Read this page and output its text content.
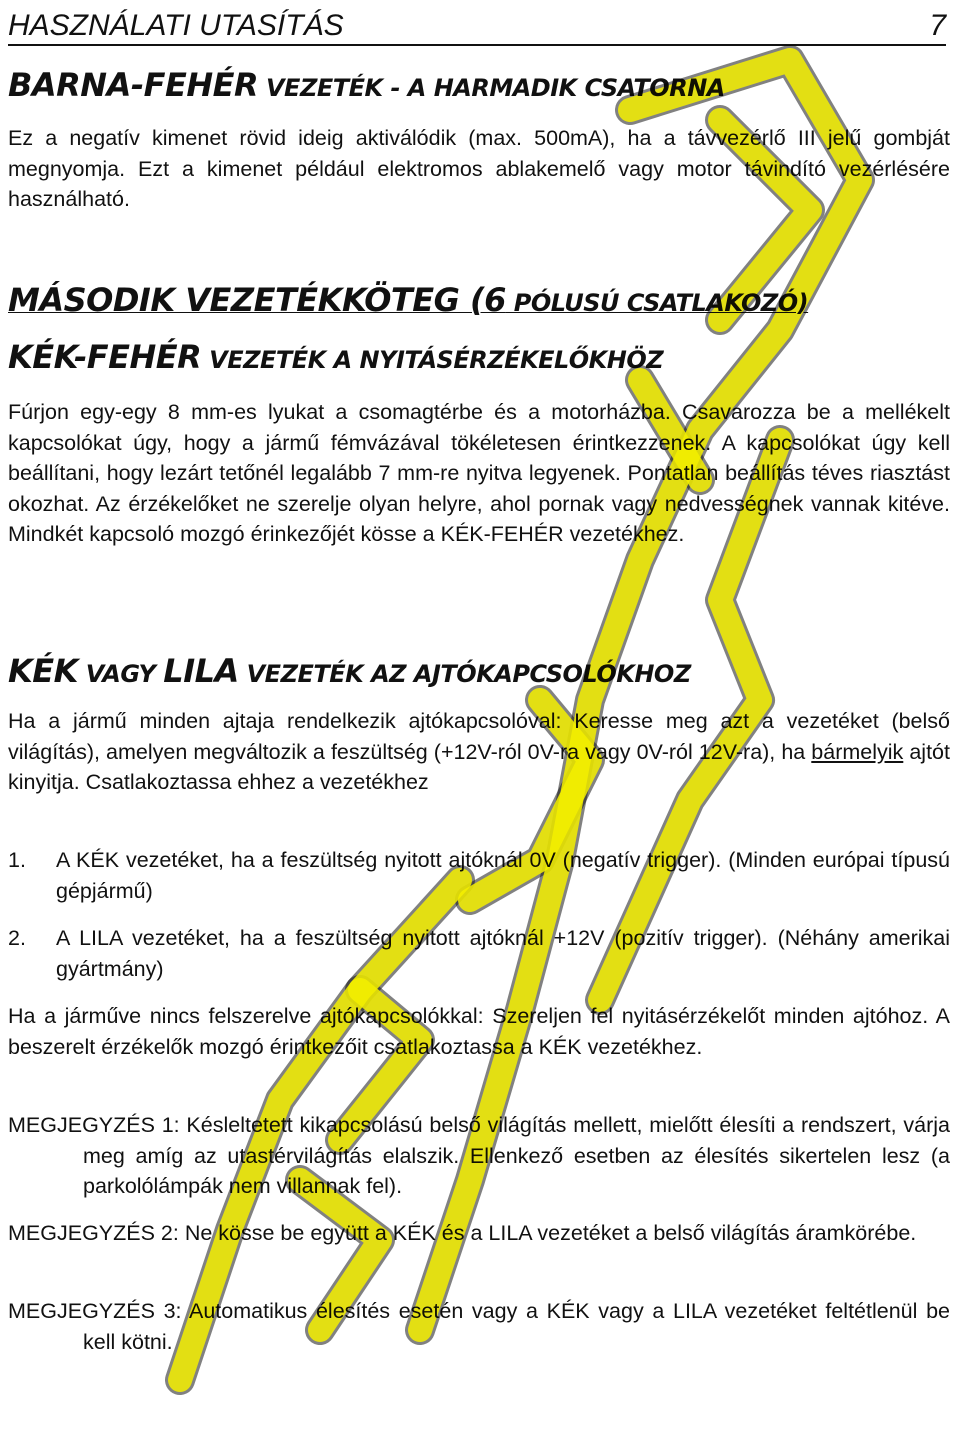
HASZNÁLATI UTASÍTÁS	7
BARNA-FEHÉR VEZETÉK - A HARMADIK CSATORNA
Ez a negatív kimenet rövid ideig aktiválódik (max. 500mA), ha a távvezérlő III jelű gombját megnyomja. Ezt a kimenet például elektromos ablakemelő vagy motor távindító vezérlésére használható.
MÁSODIK VEZETÉKKÖTEG (6 PÓLUSÚ CSATLAKOZÓ)
KÉK-FEHÉR VEZETÉK A NYITÁSÉRZÉKELŐKHÖZ
Fúrjon egy-egy 8 mm-es lyukat a csomagtérbe és a motorházba. Csavarozza be a mellékelt kapcsolókat úgy, hogy a jármű fémvázával tökéletesen érintkezzenek. A kapcsolókat úgy kell beállítani, hogy lezárt tetőnél legalább 7 mm-re nyitva legyenek. Pontatlan beállítás téves riasztást okozhat. Az érzékelőket ne szerelje olyan helyre, ahol pornak vagy nedvességnek vannak kitéve. Mindkét kapcsoló mozgó érinkezőjét kösse a KÉK-FEHÉR vezetékhez.
KÉK VAGY LILA VEZETÉK AZ AJTÓKAPCSOLÓKHOZ
Ha a jármű minden ajtaja rendelkezik ajtókapcsolóval: Keresse meg azt a vezetéket (belső világítás), amelyen megváltozik a feszültség (+12V-ról 0V-ra vagy 0V-ról 12V-ra), ha bármelyik ajtót kinyitja. Csatlakoztassa ehhez a vezetékhez
1. A KÉK vezetéket, ha a feszültség nyitott ajtóknál 0V (negatív trigger). (Minden európai típusú gépjármű)
2. A LILA vezetéket, ha a feszültség nyitott ajtóknál +12V (pozitív trigger). (Néhány amerikai gyártmány)
Ha a járműve nincs felszerelve ajtókapcsolókkal: Szereljen fel nyitásérzékelőt minden ajtóhoz. A beszerelt érzékelők mozgó érintkezőit csatlakoztassa a KÉK vezetékhez.
MEGJEGYZÉS 1: Késleltetett kikapcsolású belső világítás mellett, mielőtt élesíti a rendszert, várja meg amíg az utastérvilágítás elalszik. Ellenkező esetben az élesítés sikertelen lesz (a parkolólámpák nem villannak fel).
MEGJEGYZÉS 2: Ne kösse be együtt a KÉK és a LILA vezetéket a belső világítás áramkörébe.
MEGJEGYZÉS 3: Automatikus élesítés esetén vagy a KÉK vagy a LILA vezetéket feltétlenül be kell kötni.
